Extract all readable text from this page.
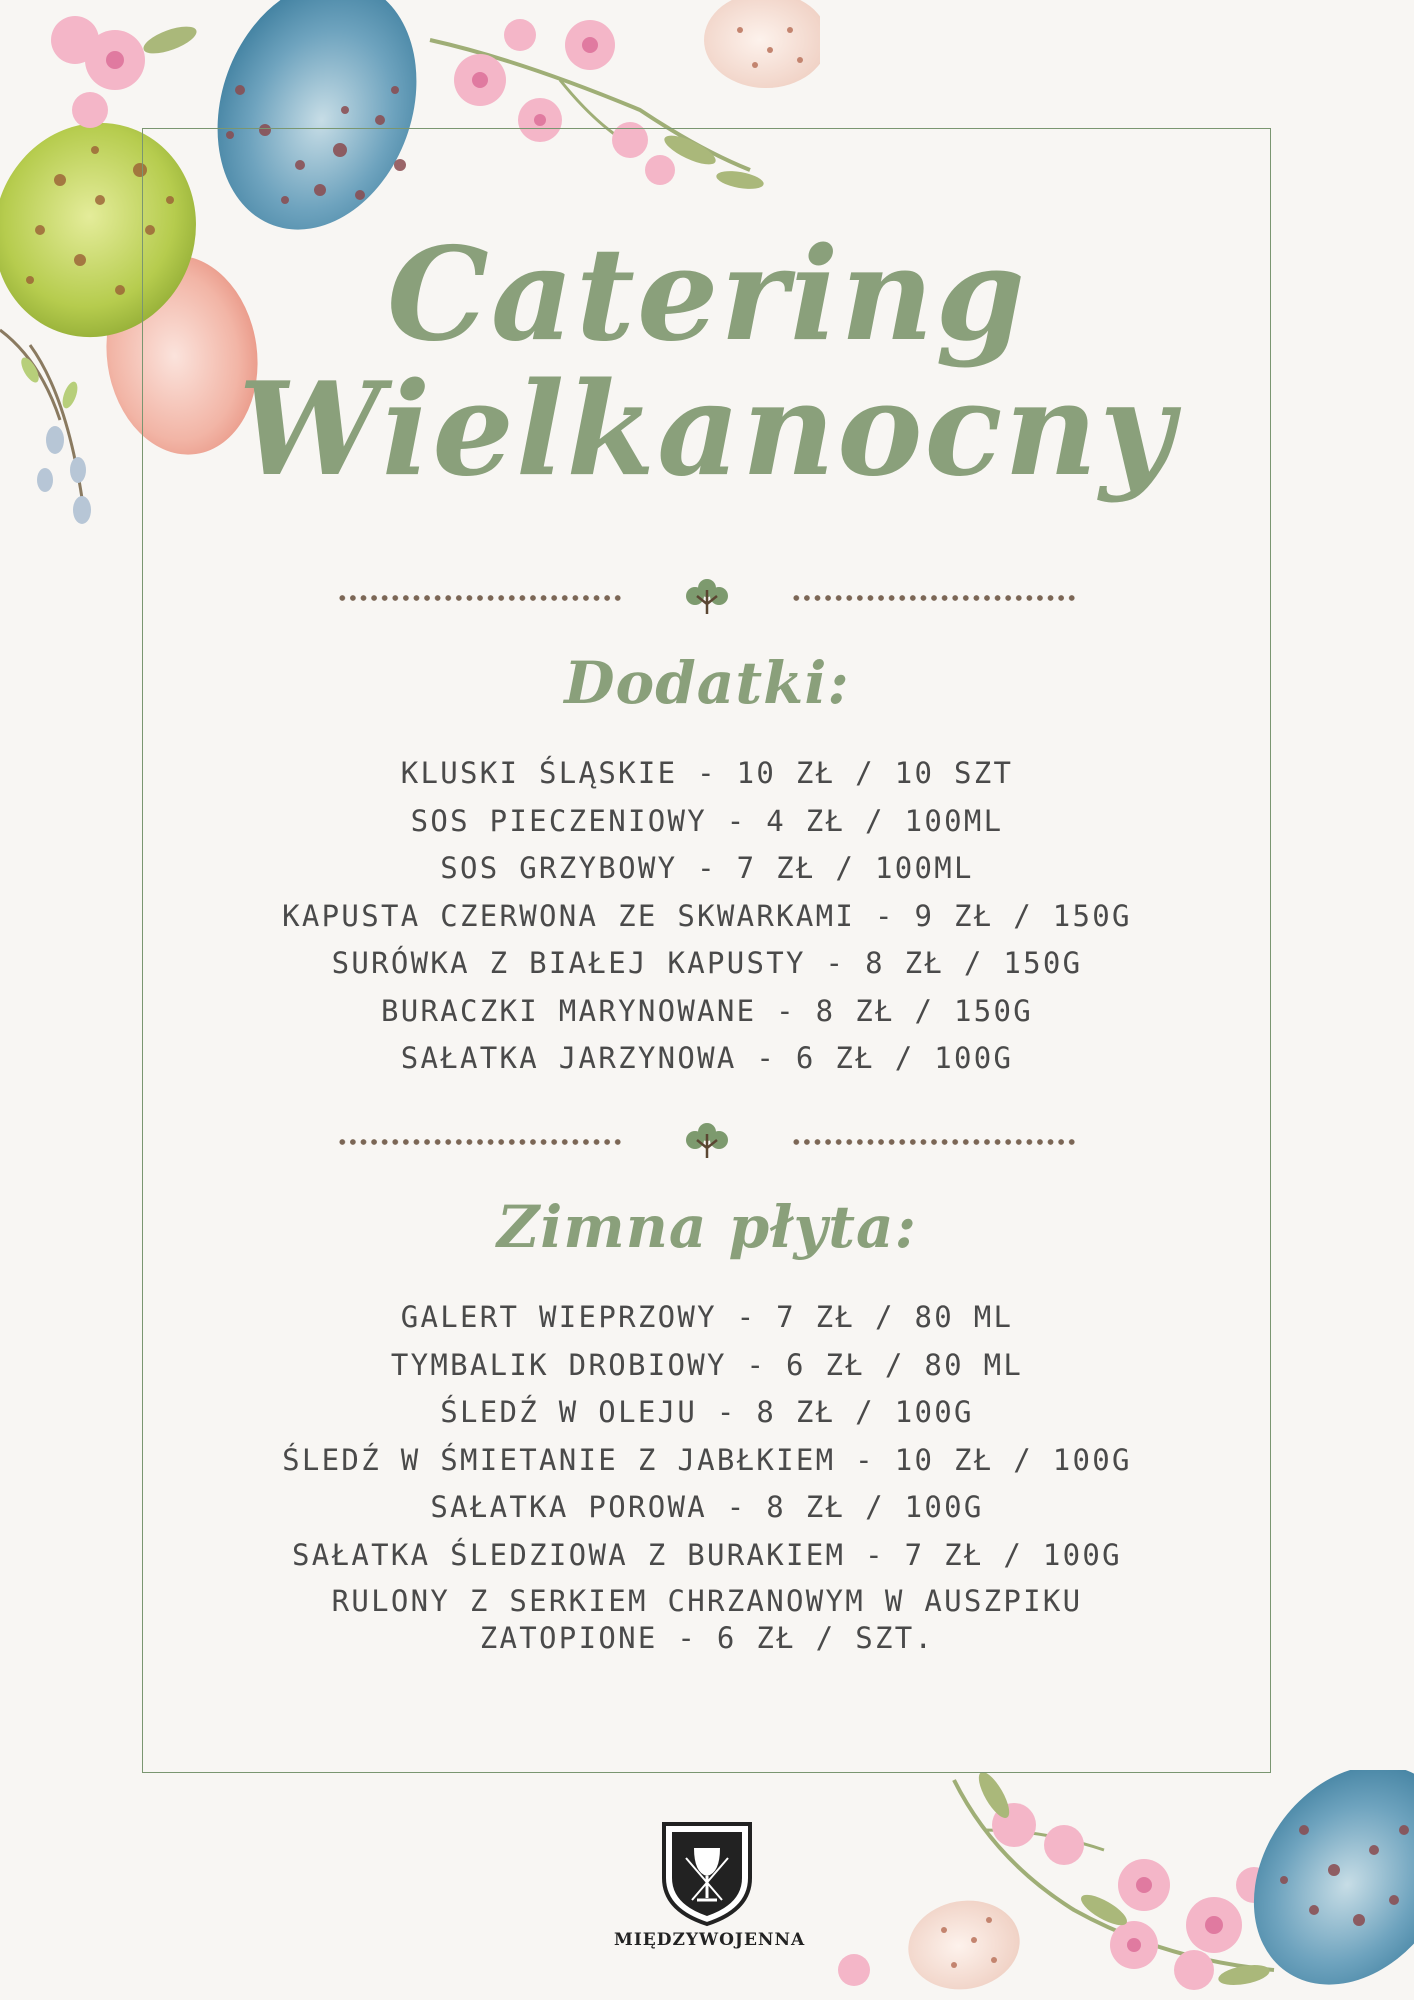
Catering
Wielkanocny
Dodatki:
KLUSKI ŚLĄSKIE - 10 ZŁ / 10 SZT
SOS PIECZENIOWY - 4 ZŁ / 100ML
SOS GRZYBOWY - 7 ZŁ / 100ML
KAPUSTA CZERWONA ZE SKWARKAMI - 9 ZŁ / 150G
SURÓWKA Z BIAŁEJ KAPUSTY - 8 ZŁ / 150G
BURACZKI MARYNOWANE - 8 ZŁ / 150G
SAŁATKA JARZYNOWA - 6 ZŁ / 100G
Zimna płyta:
GALERT WIEPRZOWY - 7 ZŁ / 80 ML
TYMBALIK DROBIOWY - 6 ZŁ / 80 ML
ŚLEDŹ W OLEJU - 8 ZŁ / 100G
ŚLEDŹ W ŚMIETANIE Z JABŁKIEM - 10 ZŁ / 100G
SAŁATKA POROWA - 8 ZŁ / 100G
SAŁATKA ŚLEDZIOWA Z BURAKIEM - 7 ZŁ / 100G
RULONY Z SERKIEM CHRZANOWYM W AUSZPIKU
ZATOPIONE - 6 ZŁ / SZT.
MIĘDZYWOJENNA
